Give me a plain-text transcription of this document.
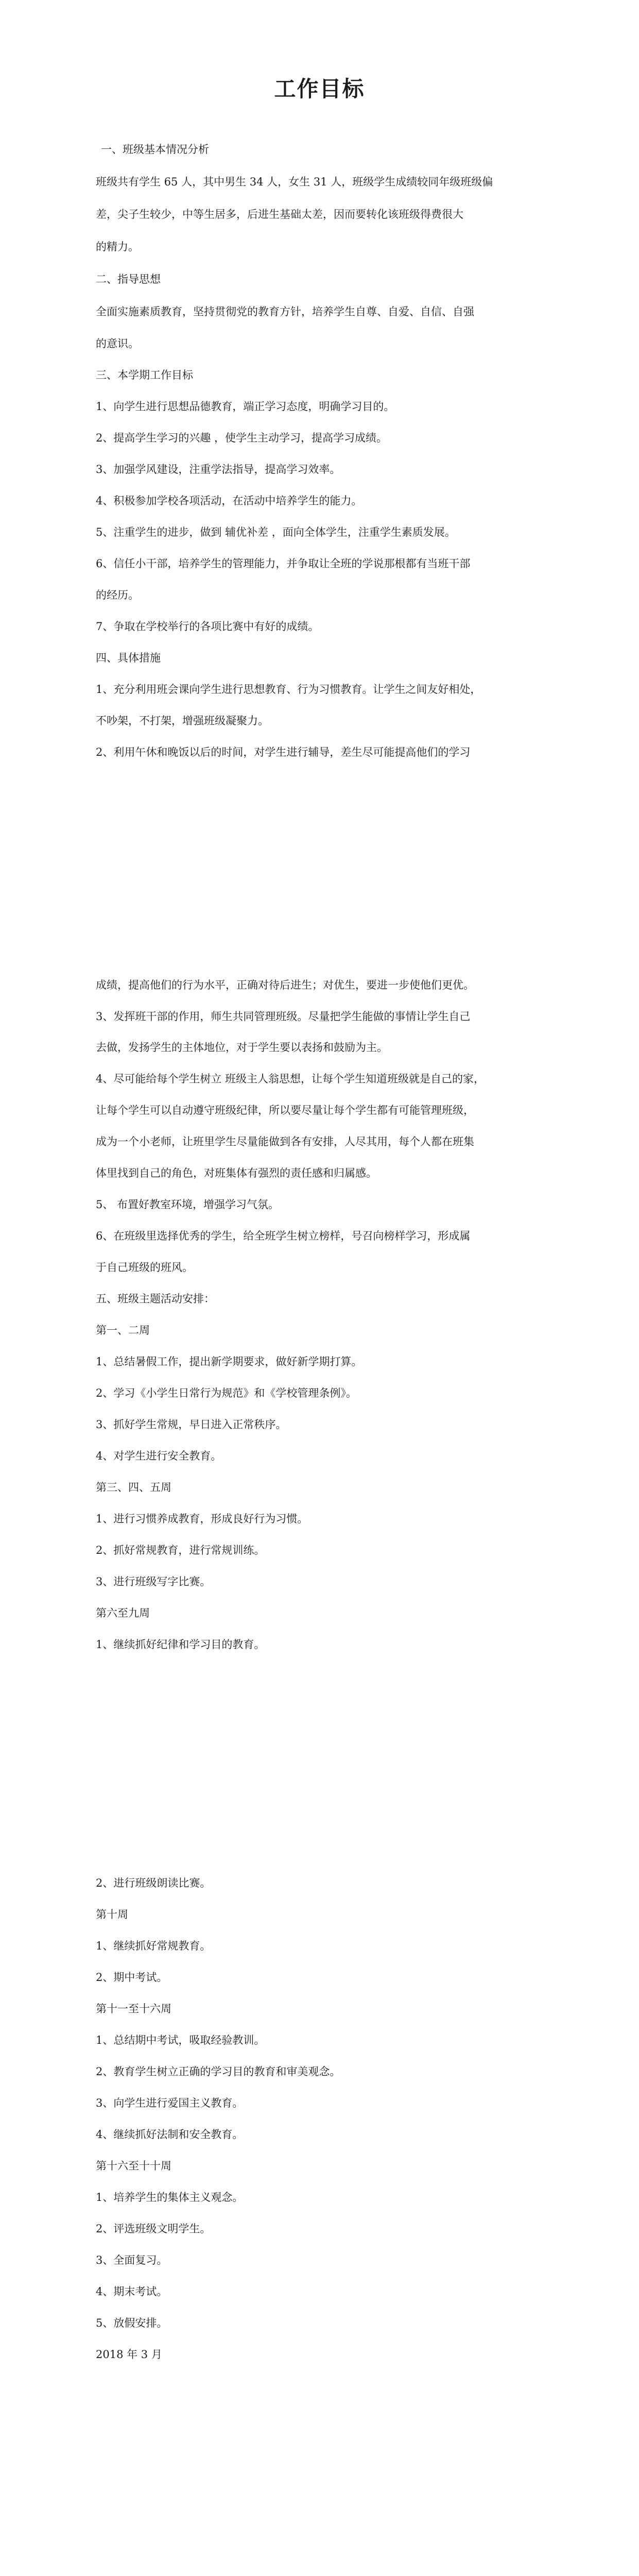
工作目标

一、班级基本情况分析

班级共有学生 65 人，其中男生 34 人，女生 31 人，班级学生成绩较同年级班级偏

差，尖子生较少，中等生居多，后进生基础太差，因而要转化该班级得费很大

的精力。

二、指导思想

全面实施素质教育，坚持贯彻党的教育方针，培养学生自尊、自爱、自信、自强

的意识。

三、本学期工作目标

1、向学生进行思想品德教育，端正学习态度，明确学习目的。

2、提高学生学习的兴趣 ，使学生主动学习，提高学习成绩。

3、加强学风建设，注重学法指导，提高学习效率。

4、积极参加学校各项活动，在活动中培养学生的能力。

5、注重学生的进步，做到 辅优补差 ，面向全体学生，注重学生素质发展。

6、信任小干部，培养学生的管理能力，并争取让全班的学说那根都有当班干部

的经历。

7、争取在学校举行的各项比赛中有好的成绩。

四、具体措施

1、充分利用班会课向学生进行思想教育、行为习惯教育。让学生之间友好相处，

不吵架，不打架，增强班级凝聚力。

2、利用午休和晚饭以后的时间，对学生进行辅导，差生尽可能提高他们的学习

成绩，提高他们的行为水平，正确对待后进生；对优生，要进一步使他们更优。

3、发挥班干部的作用，师生共同管理班级。尽量把学生能做的事情让学生自己

去做，发扬学生的主体地位，对于学生要以表扬和鼓励为主。

4、尽可能给每个学生树立 班级主人翁思想，让每个学生知道班级就是自己的家，

让每个学生可以自动遵守班级纪律，所以要尽量让每个学生都有可能管理班级，

成为一个小老师，让班里学生尽量能做到各有安排，人尽其用，每个人都在班集

体里找到自己的角色，对班集体有强烈的责任感和归属感。

5、 布置好教室环境，增强学习气氛。

6、在班级里选择优秀的学生，给全班学生树立榜样，号召向榜样学习，形成属

于自己班级的班风。

五、班级主题活动安排：

第一、二周

1、总结暑假工作，提出新学期要求，做好新学期打算。

2、学习《小学生日常行为规范》和《学校管理条例》。

3、抓好学生常规，早日进入正常秩序。

4、对学生进行安全教育。

第三、四、五周

1、进行习惯养成教育，形成良好行为习惯。

2、抓好常规教育，进行常规训练。

3、进行班级写字比赛。

第六至九周

1、继续抓好纪律和学习目的教育。

2、进行班级朗读比赛。

第十周

1、继续抓好常规教育。

2、期中考试。

第十一至十六周

1、总结期中考试，吸取经验教训。

2、教育学生树立正确的学习目的教育和审美观念。

3、向学生进行爱国主义教育。

4、继续抓好法制和安全教育。

第十六至十十周

1、培养学生的集体主义观念。

2、评选班级文明学生。

3、全面复习。

4、期末考试。

5、放假安排。

2018 年 3 月
